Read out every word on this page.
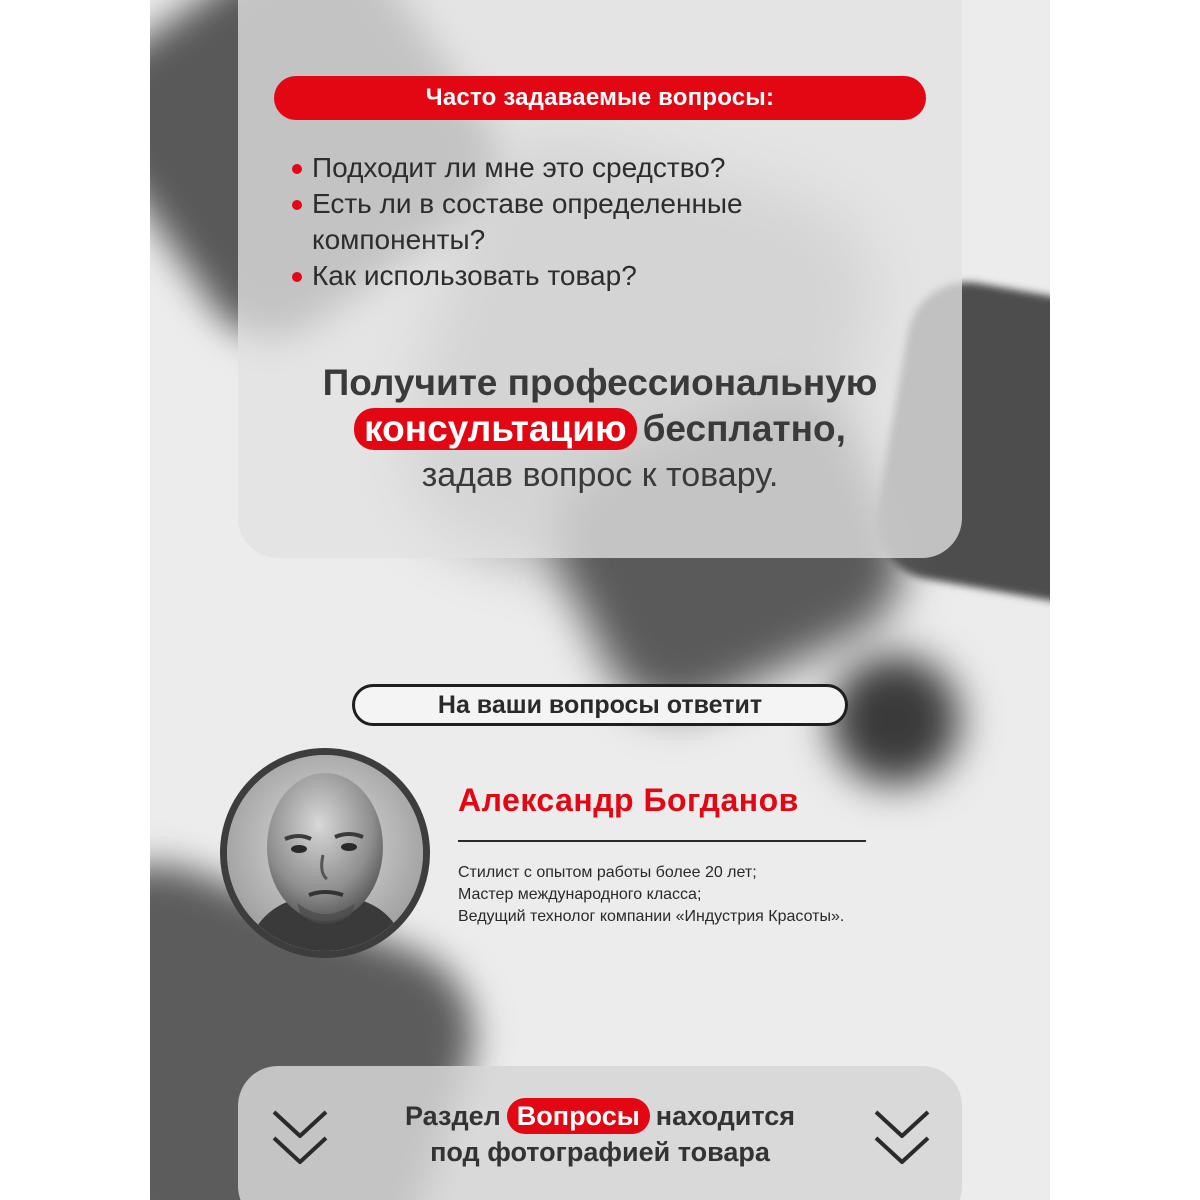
Часто задаваемые вопросы:
Подходит ли мне это средство?
Есть ли в составе определенные компоненты?
Как использовать товар?
Получите профессиональную
консультацию бесплатно,
задав вопрос к товару.
На ваши вопросы ответит
Александр Богданов
Стилист с опытом работы более 20 лет;
Мастер международного класса;
Ведущий технолог компании «Индустрия Красоты».
Раздел Вопросы находится
под фотографией товара
